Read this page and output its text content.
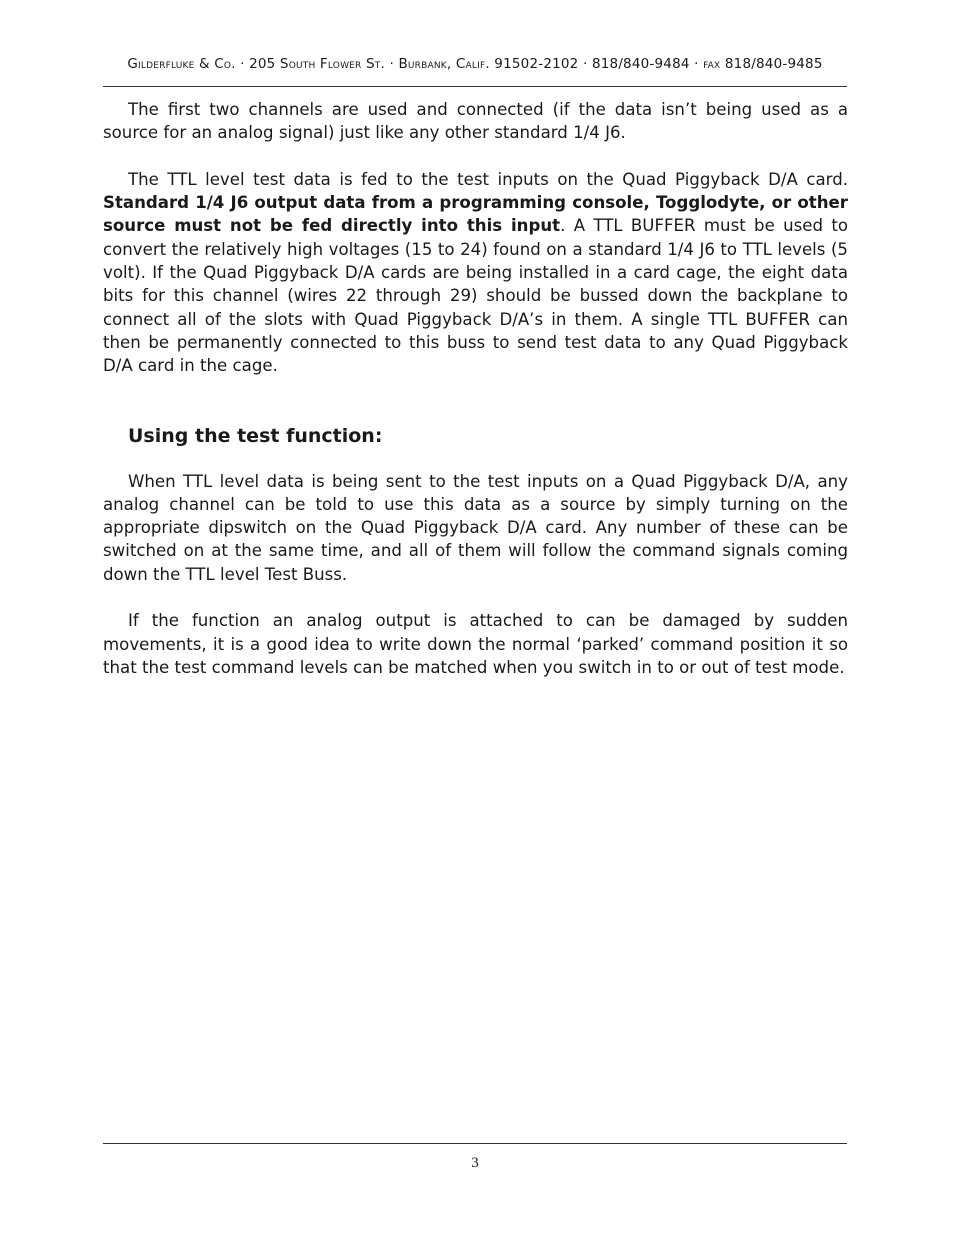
Gilderfluke & Co. · 205 South Flower St. · Burbank, Calif. 91502-2102 · 818/840-9484 · fax 818/840-9485

The first two channels are used and connected (if the data isn’t being used as a source for an analog signal) just like any other standard 1/4 J6.

The TTL level test data is fed to the test inputs on the Quad Piggyback D/A card. Standard 1/4 J6 output data from a programming console, Togglodyte, or other source must not be fed directly into this input. A TTL BUFFER must be used to convert the relatively high voltages (15 to 24) found on a standard 1/4 J6 to TTL levels (5 volt). If the Quad Piggyback D/A cards are being installed in a card cage, the eight data bits for this channel (wires 22 through 29) should be bussed down the backplane to connect all of the slots with Quad Piggyback D/A’s in them. A single TTL BUFFER can then be permanently connected to this buss to send test data to any Quad Piggyback D/A card in the cage.

Using the test function:

When TTL level data is being sent to the test inputs on a Quad Piggyback D/A, any analog channel can be told to use this data as a source by simply turning on the appropriate dipswitch on the Quad Piggyback D/A card. Any number of these can be switched on at the same time, and all of them will follow the command signals coming down the TTL level Test Buss.

If the function an analog output is attached to can be damaged by sudden movements, it is a good idea to write down the normal ‘parked’ command position it so that the test command levels can be matched when you switch in to or out of test mode.

3
